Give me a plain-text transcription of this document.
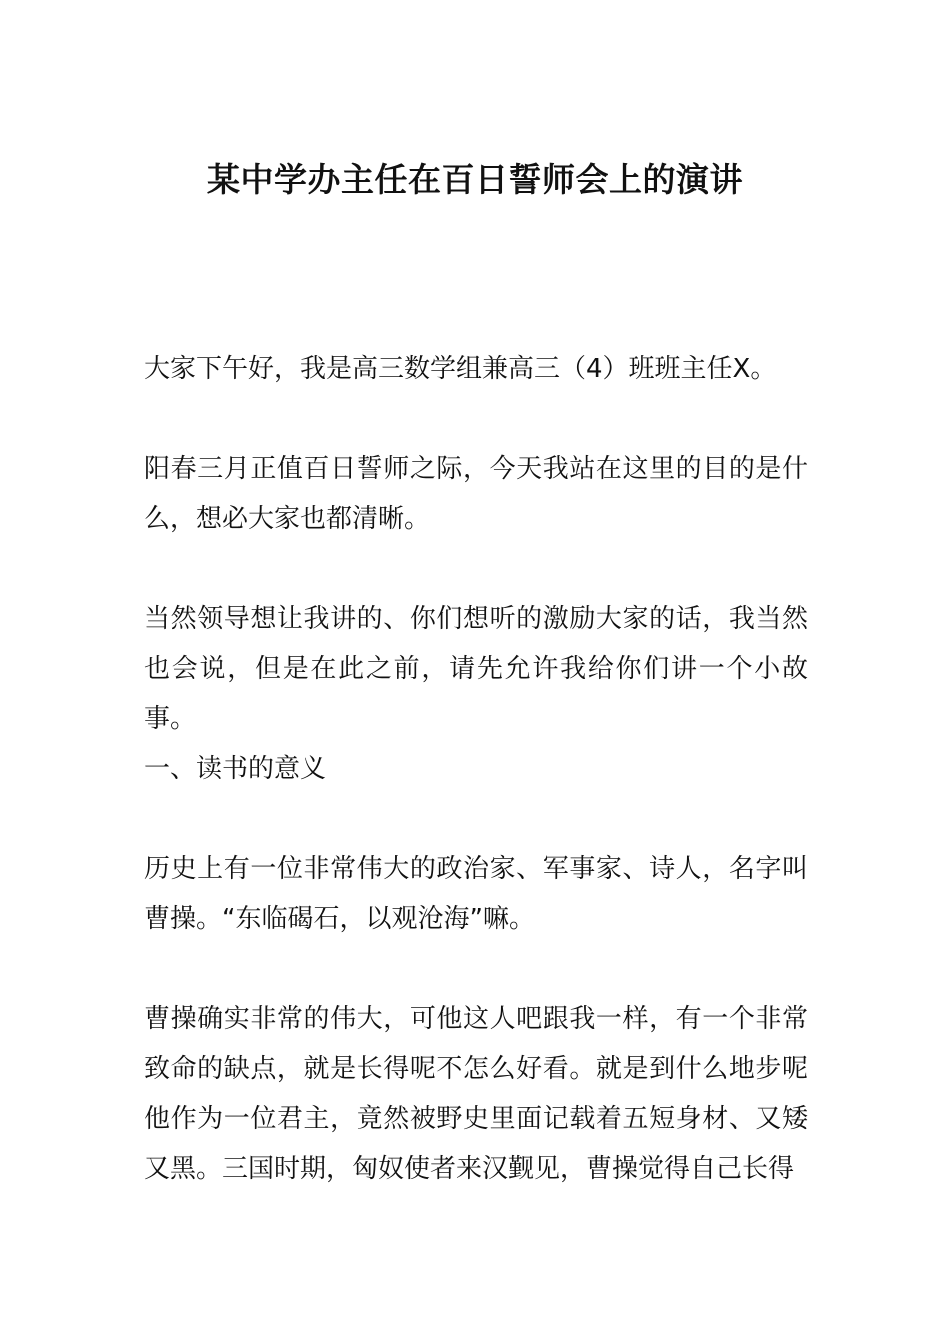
某中学办主任在百日誓师会上的演讲

大家下午好，我是高三数学组兼高三（4）班班主任X。

阳春三月正值百日誓师之际，今天我站在这里的目的是什么，想必大家也都清晰。

当然领导想让我讲的、你们想听的激励大家的话，我当然也会说，但是在此之前，请先允许我给你们讲一个小故事。

一、读书的意义

历史上有一位非常伟大的政治家、军事家、诗人，名字叫曹操。“东临碣石，以观沧海”嘛。

曹操确实非常的伟大，可他这人吧跟我一样，有一个非常致命的缺点，就是长得呢不怎么好看。就是到什么地步呢他作为一位君主，竟然被野史里面记载着五短身材、又矮又黑。三国时期，匈奴使者来汉觐见，曹操觉得自己长得
